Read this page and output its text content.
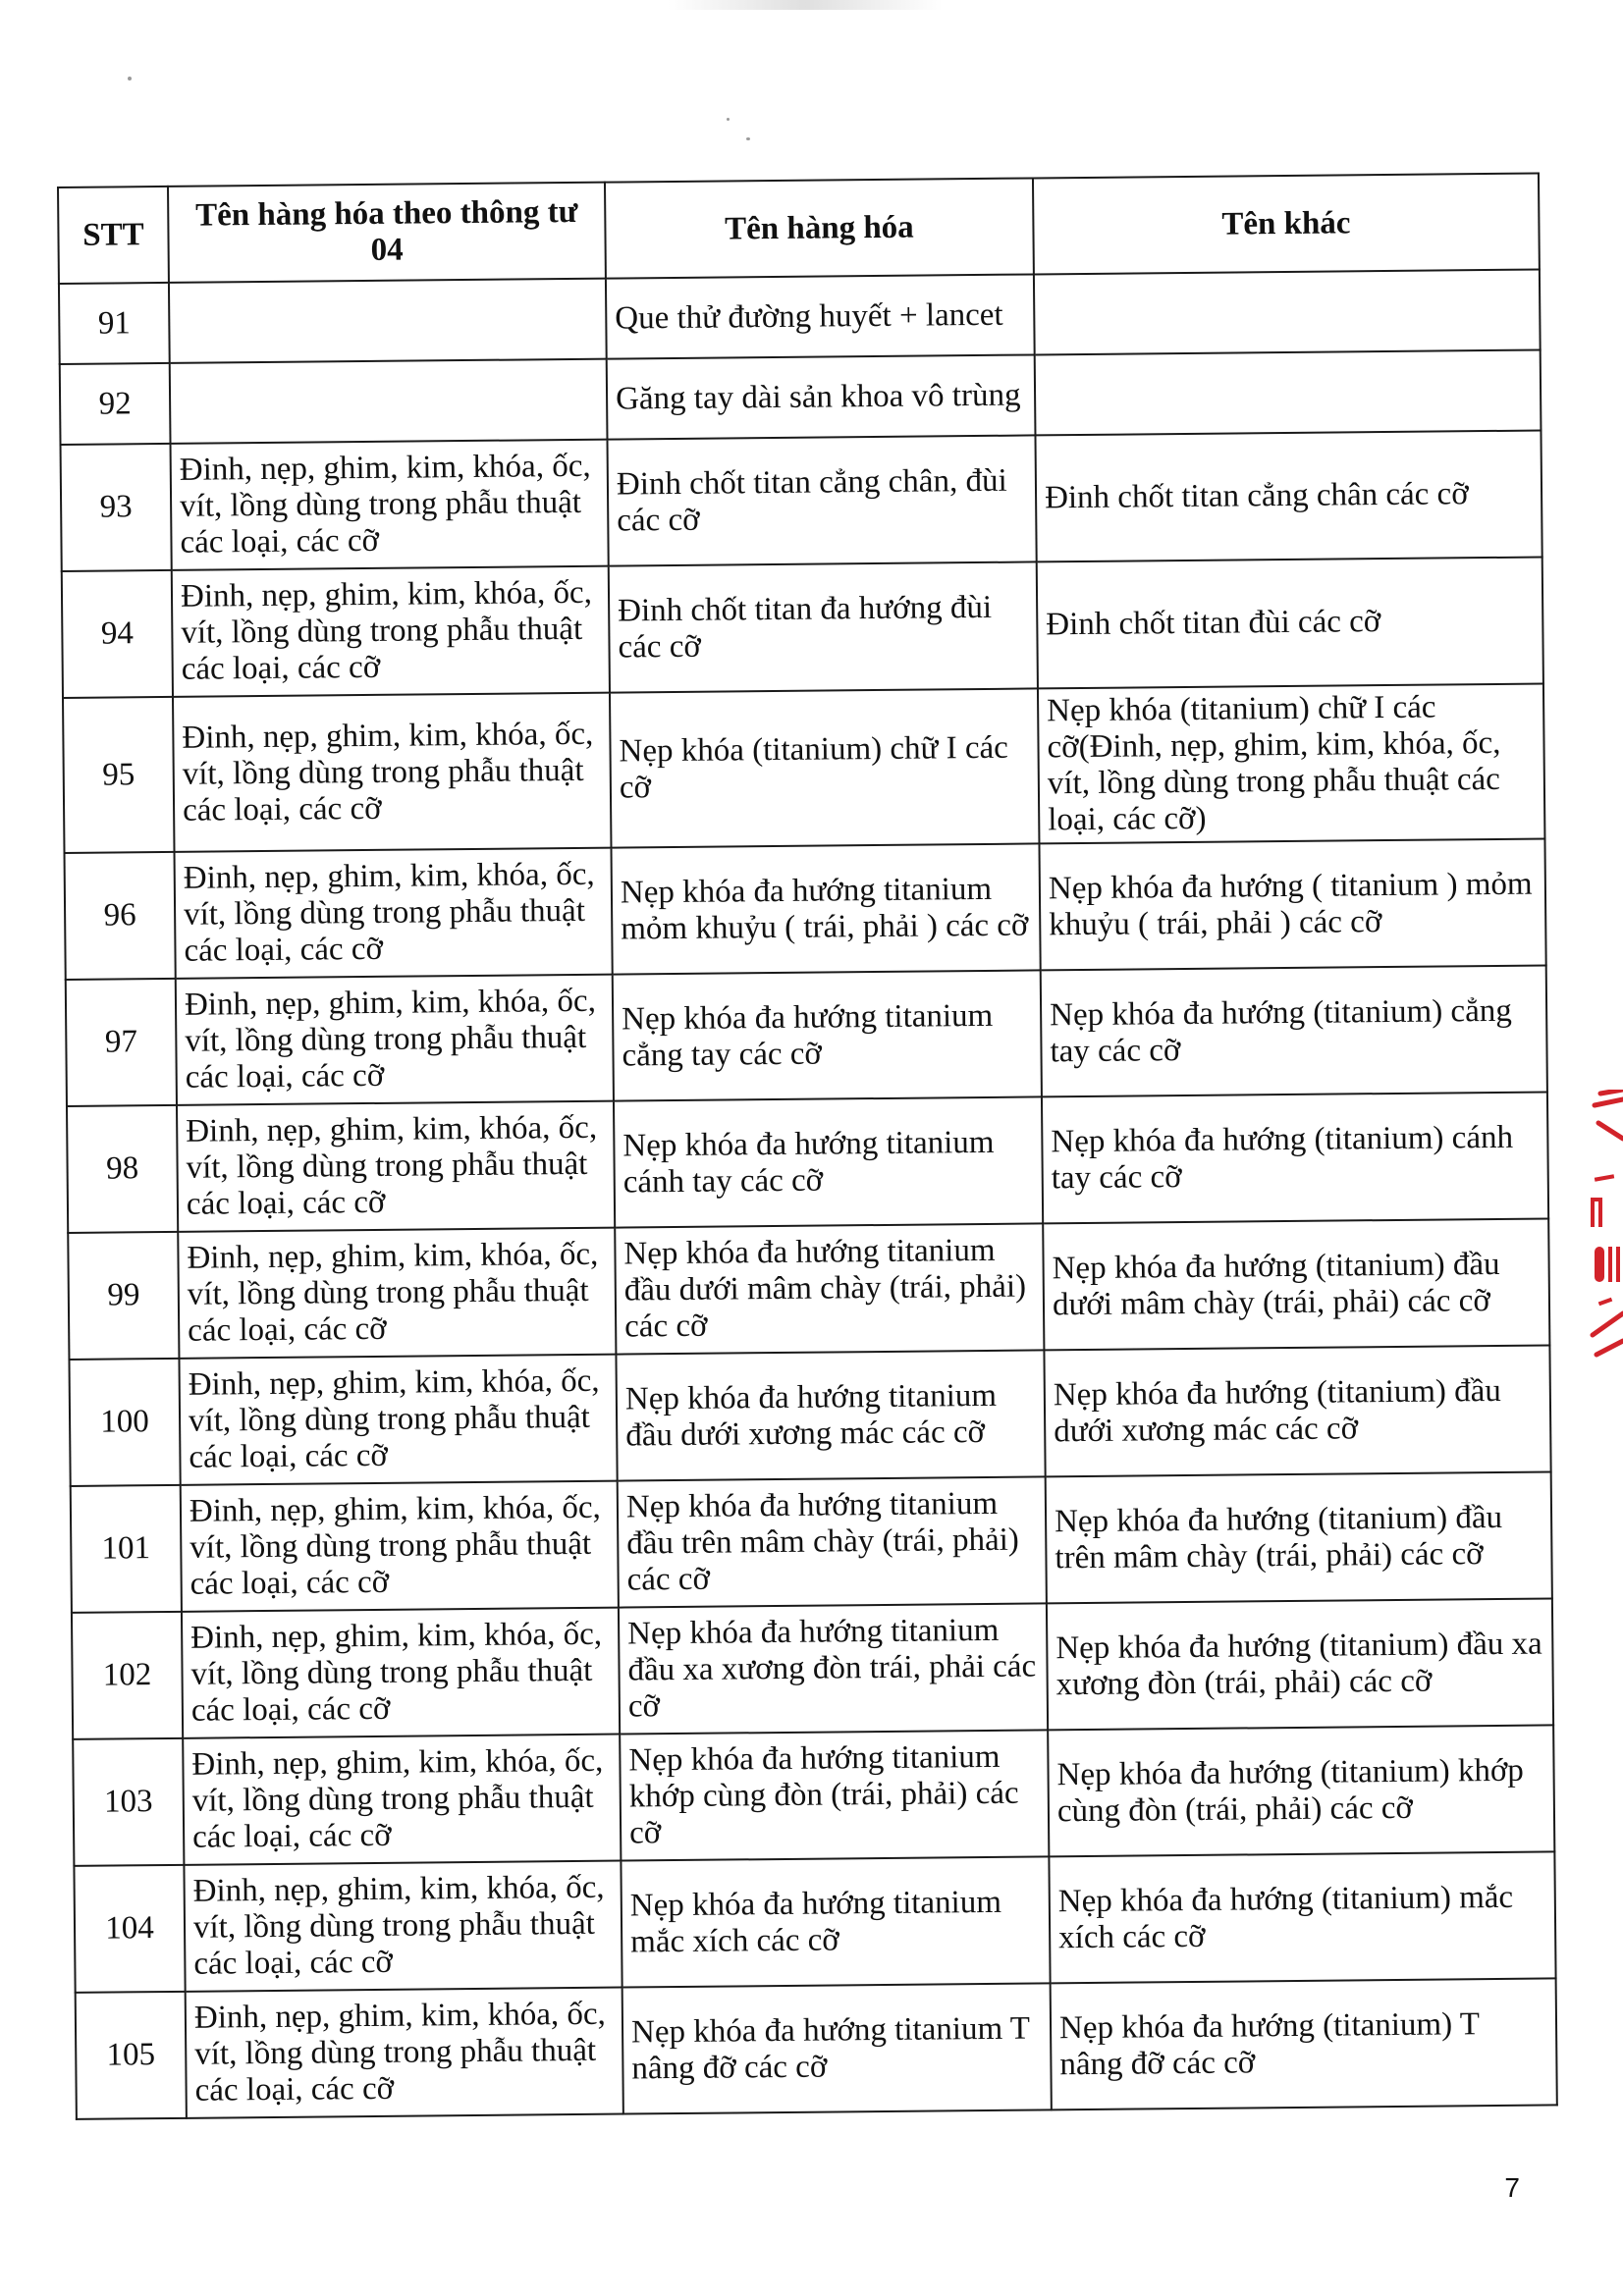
STT	Tên hàng hóa theo thông tư 04	Tên hàng hóa	Tên khác
91		Que thử đường huyết + lancet	
92		Găng tay dài sản khoa vô trùng	
93	Đinh, nẹp, ghim, kim, khóa, ốc, vít, lồng dùng trong phẫu thuật các loại, các cỡ	Đinh chốt titan cẳng chân, đùi các cỡ	Đinh chốt titan cẳng chân các cỡ
94	Đinh, nẹp, ghim, kim, khóa, ốc, vít, lồng dùng trong phẫu thuật các loại, các cỡ	Đinh chốt titan đa hướng đùi các cỡ	Đinh chốt titan đùi các cỡ
95	Đinh, nẹp, ghim, kim, khóa, ốc, vít, lồng dùng trong phẫu thuật các loại, các cỡ	Nẹp khóa (titanium) chữ I các cỡ	Nẹp khóa (titanium) chữ I các cỡ(Đinh, nẹp, ghim, kim, khóa, ốc, vít, lồng dùng trong phẫu thuật các loại, các cỡ)
96	Đinh, nẹp, ghim, kim, khóa, ốc, vít, lồng dùng trong phẫu thuật các loại, các cỡ	Nẹp khóa đa hướng titanium mỏm khuỷu ( trái, phải ) các cỡ	Nẹp khóa đa hướng ( titanium ) mỏm khuỷu ( trái, phải ) các cỡ
97	Đinh, nẹp, ghim, kim, khóa, ốc, vít, lồng dùng trong phẫu thuật các loại, các cỡ	Nẹp khóa đa hướng titanium cẳng tay các cỡ	Nẹp khóa đa hướng (titanium) cẳng tay các cỡ
98	Đinh, nẹp, ghim, kim, khóa, ốc, vít, lồng dùng trong phẫu thuật các loại, các cỡ	Nẹp khóa đa hướng titanium cánh tay các cỡ	Nẹp khóa đa hướng (titanium) cánh tay các cỡ
99	Đinh, nẹp, ghim, kim, khóa, ốc, vít, lồng dùng trong phẫu thuật các loại, các cỡ	Nẹp khóa đa hướng titanium đầu dưới mâm chày (trái, phải) các cỡ	Nẹp khóa đa hướng (titanium) đầu dưới mâm chày (trái, phải) các cỡ
100	Đinh, nẹp, ghim, kim, khóa, ốc, vít, lồng dùng trong phẫu thuật các loại, các cỡ	Nẹp khóa đa hướng titanium đầu dưới xương mác các cỡ	Nẹp khóa đa hướng (titanium) đầu dưới xương mác các cỡ
101	Đinh, nẹp, ghim, kim, khóa, ốc, vít, lồng dùng trong phẫu thuật các loại, các cỡ	Nẹp khóa đa hướng titanium đầu trên mâm chày (trái, phải) các cỡ	Nẹp khóa đa hướng (titanium) đầu trên mâm chày (trái, phải) các cỡ
102	Đinh, nẹp, ghim, kim, khóa, ốc, vít, lồng dùng trong phẫu thuật các loại, các cỡ	Nẹp khóa đa hướng titanium đầu xa xương đòn trái, phải các cỡ	Nẹp khóa đa hướng (titanium) đầu xa xương đòn (trái, phải) các cỡ
103	Đinh, nẹp, ghim, kim, khóa, ốc, vít, lồng dùng trong phẫu thuật các loại, các cỡ	Nẹp khóa đa hướng titanium khớp cùng đòn (trái, phải) các cỡ	Nẹp khóa đa hướng (titanium) khớp cùng đòn (trái, phải) các cỡ
104	Đinh, nẹp, ghim, kim, khóa, ốc, vít, lồng dùng trong phẫu thuật các loại, các cỡ	Nẹp khóa đa hướng titanium mắc xích các cỡ	Nẹp khóa đa hướng (titanium) mắc xích các cỡ
105	Đinh, nẹp, ghim, kim, khóa, ốc, vít, lồng dùng trong phẫu thuật các loại, các cỡ	Nẹp khóa đa hướng titanium T nâng đỡ các cỡ	Nẹp khóa đa hướng (titanium) T nâng đỡ các cỡ
7
